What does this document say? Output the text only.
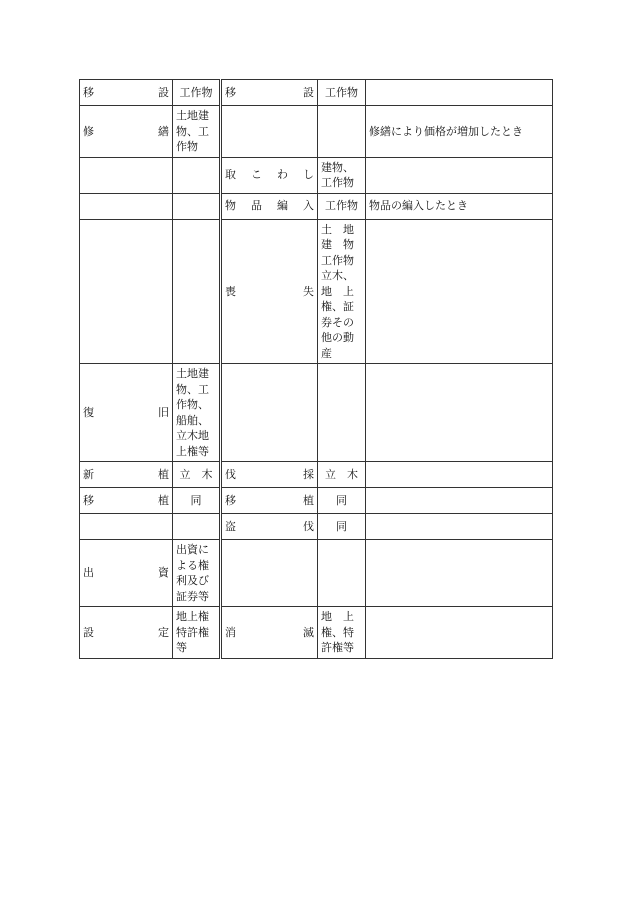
移　　設	工作物	移　　設	工作物	

修　　繕	土地建物、工作物			修繕により価格が増加したとき

		取こわし	建物、工作物	

		物品編入	工作物	物品の編入したとき

		喪　　失	土　地建　物工作物立木、地　上権、証券その他の動産	

復　　旧	土地建物、工作物、船舶、立木地上権等			

新　　植	立　木	伐　　採	立　木	

移　　植	同	移　　植	同	

		盗　　伐	同	

出　　資	出資による権利及び証券等			

設　　定	地上権特許権等	消　　滅	地　上権、特許権等	
